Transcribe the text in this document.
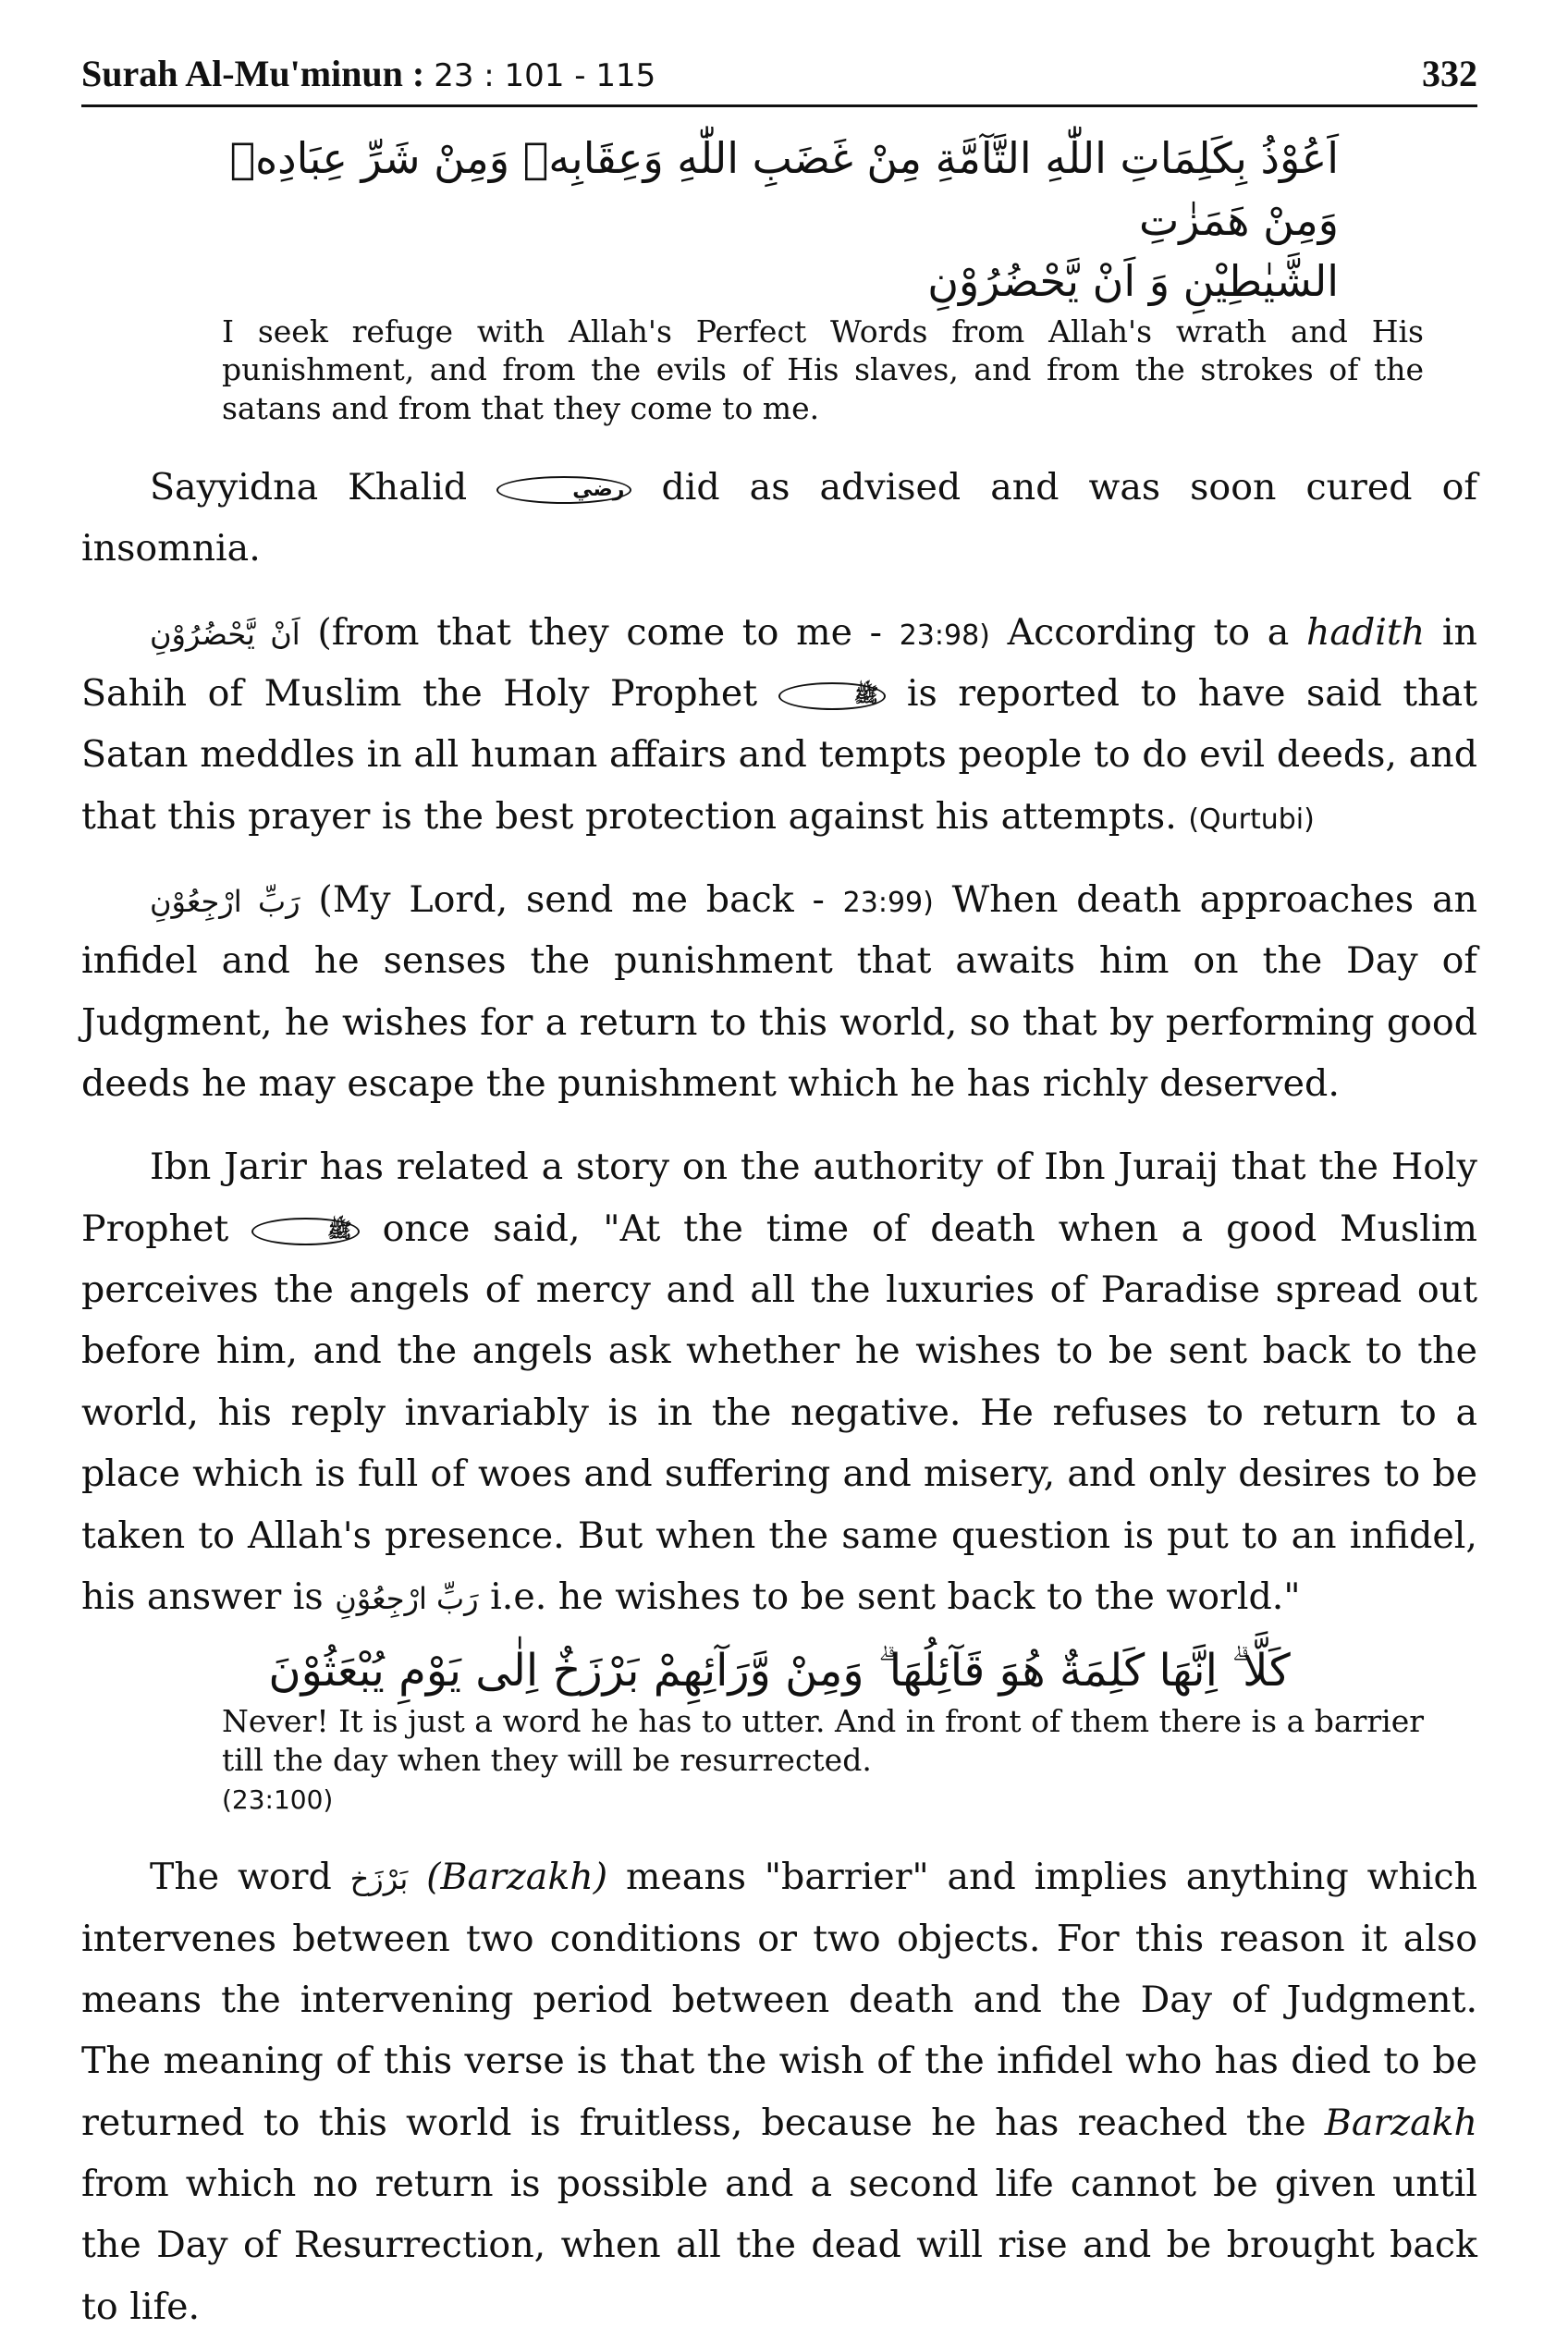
Surah Al-Mu'minun : 23 : 101 - 115	332
اَعُوْذُ بِكَلِمَاتِ اللّٰهِ التَّآمَّةِ مِنْ غَضَبِ اللّٰهِ وَعِقَابِهٖ وَمِنْ شَرِّ عِبَادِهٖ وَمِنْ هَمَزٰتِ
الشَّيٰطِيْنِ وَ اَنْ يَّحْضُرُوْنِ
I seek refuge with Allah's Perfect Words from Allah's wrath and His punishment, and from the evils of His slaves, and from the strokes of the satans and from that they come to me.

Sayyidna Khalid	رضي did as advised and was soon cured of insomnia.

اَنْ يَّحْضُرُوْنِ (from that they come to me - 23:98) According to a hadith in Sahih of Muslim the Holy Prophet	ﷺ is reported to have said that Satan meddles in all human affairs and tempts people to do evil deeds, and that this prayer is the best protection against his attempts. (Qurtubi)

رَبِّ ارْجِعُوْنِ (My Lord, send me back - 23:99) When death approaches an infidel and he senses the punishment that awaits him on the Day of Judgment, he wishes for a return to this world, so that by performing good deeds he may escape the punishment which he has richly deserved.

Ibn Jarir has related a story on the authority of Ibn Juraij that the Holy Prophet	ﷺ once said, "At the time of death when a good Muslim perceives the angels of mercy and all the luxuries of Paradise spread out before him, and the angels ask whether he wishes to be sent back to the world, his reply invariably is in the negative. He refuses to return to a place which is full of woes and suffering and misery, and only desires to be taken to Allah's presence. But when the same question is put to an infidel, his answer is رَبِّ ارْجِعُوْنِ i.e. he wishes to be sent back to the world."

كَلَّا ۗ اِنَّهَا كَلِمَةٌ هُوَ قَآئِلُهَا ۗ وَمِنْ وَّرَآئِهِمْ بَرْزَخٌ اِلٰى يَوْمِ يُبْعَثُوْنَ
Never! It is just a word he has to utter. And in front of them there is a barrier till the day when they will be resurrected.
(23:100)

The word بَرْزَخ (Barzakh) means "barrier" and implies anything which intervenes between two conditions or two objects. For this reason it also means the intervening period between death and the Day of Judgment. The meaning of this verse is that the wish of the infidel who has died to be returned to this world is fruitless, because he has reached the Barzakh from which no return is possible and a second life cannot be given until the Day of Resurrection, when all the dead will rise and be brought back to life.
